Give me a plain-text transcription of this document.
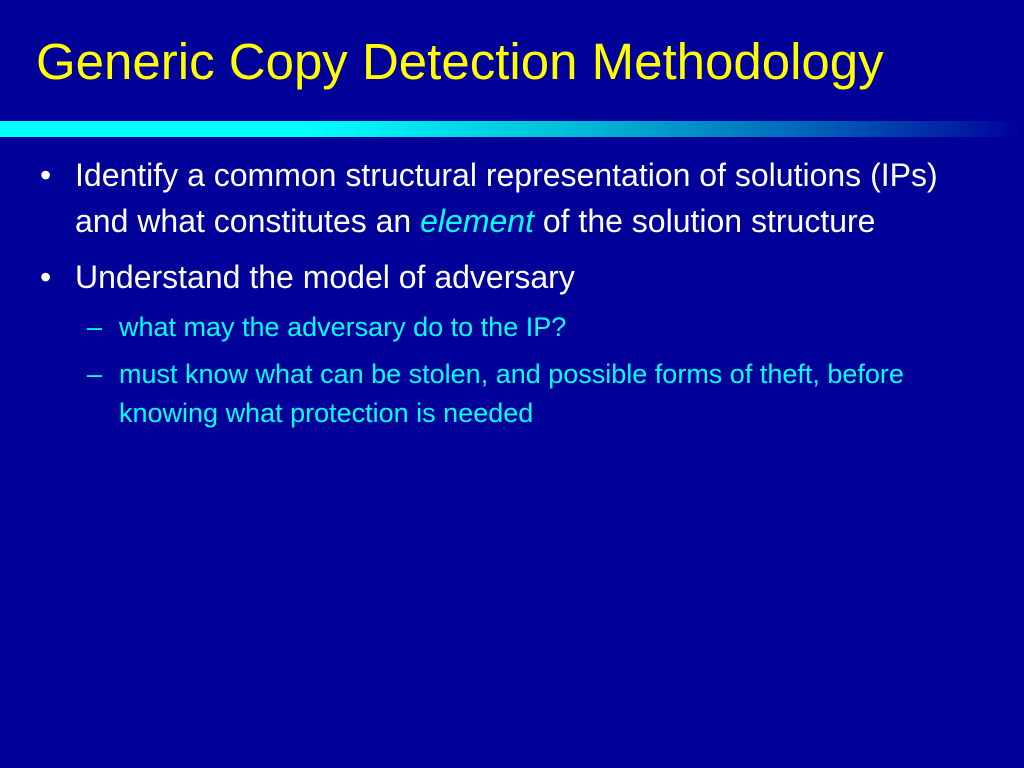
Generic Copy Detection Methodology
• Identify a common structural representation of solutions (IPs) and what constitutes an element of the solution structure
• Understand the model of adversary
– what may the adversary do to the IP?
– must know what can be stolen, and possible forms of theft, before knowing what protection is needed
